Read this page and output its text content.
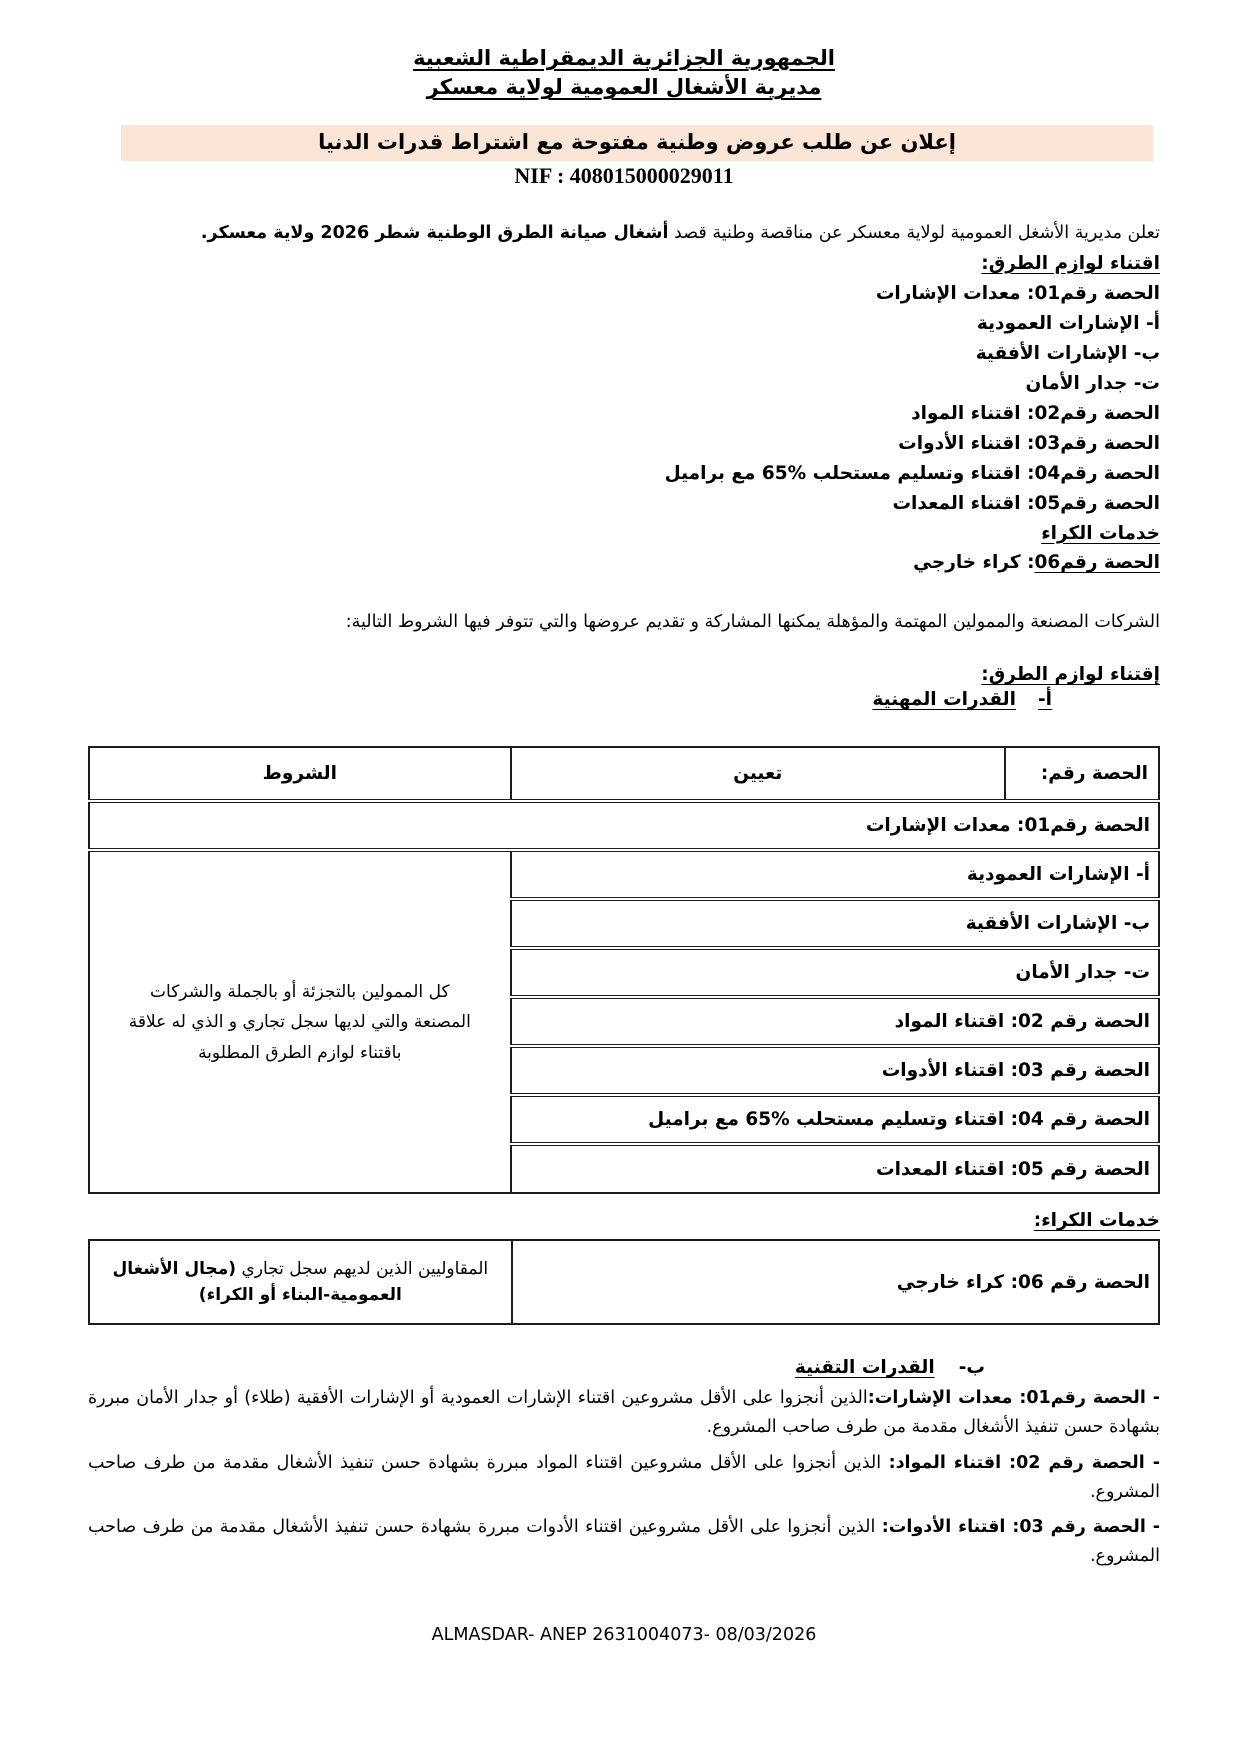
الجمهورية الجزائرية الديمقراطية الشعبية
مديرية الأشغال العمومية لولاية معسكر
إعلان عن طلب عروض وطنية مفتوحة مع اشتراط قدرات الدنيا
NIF : 408015000029011

تعلن مديرية الأشغل العمومية لولاية معسكر عن مناقصة وطنية قصد أشغال صيانة الطرق الوطنية شطر 2026 ولاية معسكر.

اقتناء لوازم الطرق:
الحصة رقم01: معدات الإشارات
أ- الإشارات العمودية
ب- الإشارات الأفقية
ت- جدار الأمان
الحصة رقم02: اقتناء المواد
الحصة رقم03: اقتناء الأدوات
الحصة رقم04: اقتناء وتسليم مستحلب %65 مع براميل
الحصة رقم05: اقتناء المعدات
خدمات الكراء
الحصة رقم06: كراء خارجي

الشركات المصنعة والممولين المهتمة والمؤهلة يمكنها المشاركة و تقديم عروضها والتي تتوفر فيها الشروط التالية:

إقتناء لوازم الطرق:
أ-القدرات المهنية
الحصة رقم:	تعيين	الشروط
الحصة رقم01: معدات الإشارات		
أ- الإشارات العمودية		كل الممولين بالتجزئة أو بالجملة والشركات المصنعة والتي لديها سجل تجاري و الذي له علاقة باقتناء لوازم الطرق المطلوبة
ب- الإشارات الأفقية		
ت- جدار الأمان		
الحصة رقم 02: اقتناء المواد		
الحصة رقم 03: اقتناء الأدوات		
الحصة رقم 04: اقتناء وتسليم مستحلب %65 مع براميل		
الحصة رقم 05: اقتناء المعدات		
خدمات الكراء:
الحصة رقم 06: كراء خارجي	المقاوليين الذين لديهم سجل تجاري (مجال الأشغال العمومية-البناء أو الكراء)
ب-القدرات التقنية

- الحصة رقم01: معدات الإشارات:الذين أنجزوا على الأقل مشروعين اقتناء الإشارات العمودية أو الإشارات الأفقية (طلاء) أو جدار الأمان مبررة بشهادة حسن تنفيذ الأشغال مقدمة من طرف صاحب المشروع.

- الحصة رقم 02: اقتناء المواد: الذين أنجزوا على الأقل مشروعين اقتناء المواد مبررة بشهادة حسن تنفيذ الأشغال مقدمة من طرف صاحب المشروع.

- الحصة رقم 03: اقتناء الأدوات: الذين أنجزوا على الأقل مشروعين اقتناء الأدوات مبررة بشهادة حسن تنفيذ الأشغال مقدمة من طرف صاحب المشروع.

ALMASDAR- ANEP 2631004073- 08/03/2026
